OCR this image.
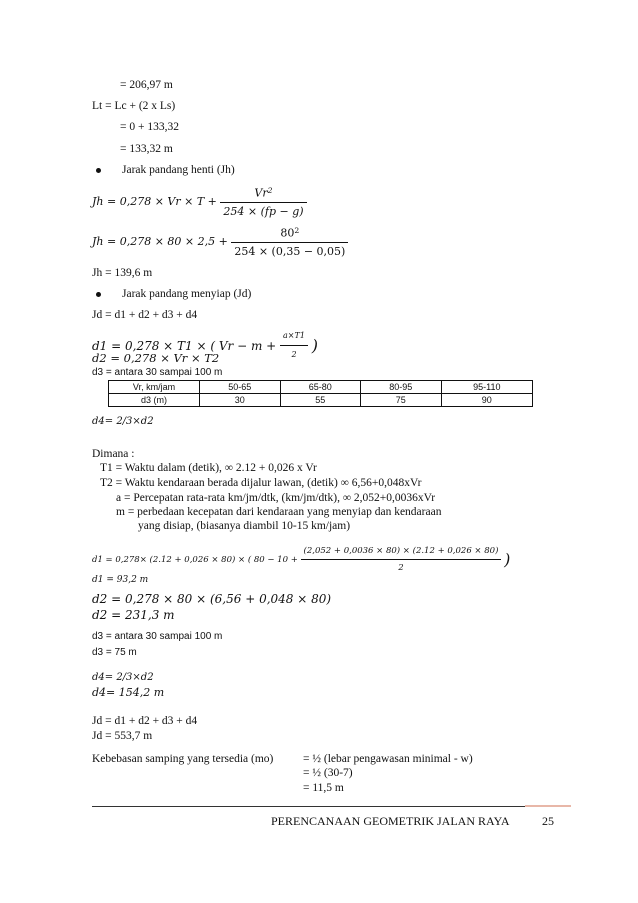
= 206,97 m
Lt = Lc + (2 x Ls)
= 0 + 133,32
= 133,32 m
Jarak pandang henti (Jh)
$Jh = 0,278 \times Vr \times T + \frac{Vr^2}{254 \times (fp - g)}$
$Jh = 0,278 \times 80 \times 2,5 + \frac{80^2}{254 \times (0,35 - 0,05)}$
Jh = 139,6 m
Jarak pandang menyiap (Jd)
Jd = d1 + d2 + d3 + d4
d1 = 0,278 × T1 × ( $Vr - m + \frac{a\times T1}{2}$ )
d2 = 0,278 × Vr × T2
d3 = antara 30 sampai 100 m
Vr, km/jam	50-65	65-80	80-95	95-110
d3 (m)	30	55	75	90
d4= 2/3×d2
Dimana :
T1 = Waktu dalam (detik), ∞ 2.12 + 0,026 x Vr
T2 = Waktu kendaraan berada dijalur lawan, (detik) ∞ 6,56+0,048xVr
a = Percepatan rata-rata km/jm/dtk, (km/jm/dtk), ∞ 2,052+0,0036xVr
m = perbedaan kecepatan dari kendaraan yang menyiap dan kendaraan
yang disiap, (biasanya diambil 10-15 km/jam)
d1 = 0,278× (2.12 + 0,026 × 80) × ( $80 - 10 + \frac{(2,052 + 0,0036 \times 80) \times (2.12 + 0,026 \times 80)}{2}$ )
d1 = 93,2 m
d2 = 0,278 × 80 × (6,56 + 0,048 × 80)
d2 = 231,3 m
d3 = antara 30 sampai 100 m
d3 = 75 m
d4= 2/3×d2
d4= 154,2 m
Jd = d1 + d2 + d3 + d4
Jd = 553,7 m
Kebebasan samping yang tersedia (mo)	= ½ (lebar pengawasan minimal - w)
= ½ (30-7)
= 11,5 m
PERENCANAAN GEOMETRIK JALAN RAYA	25
